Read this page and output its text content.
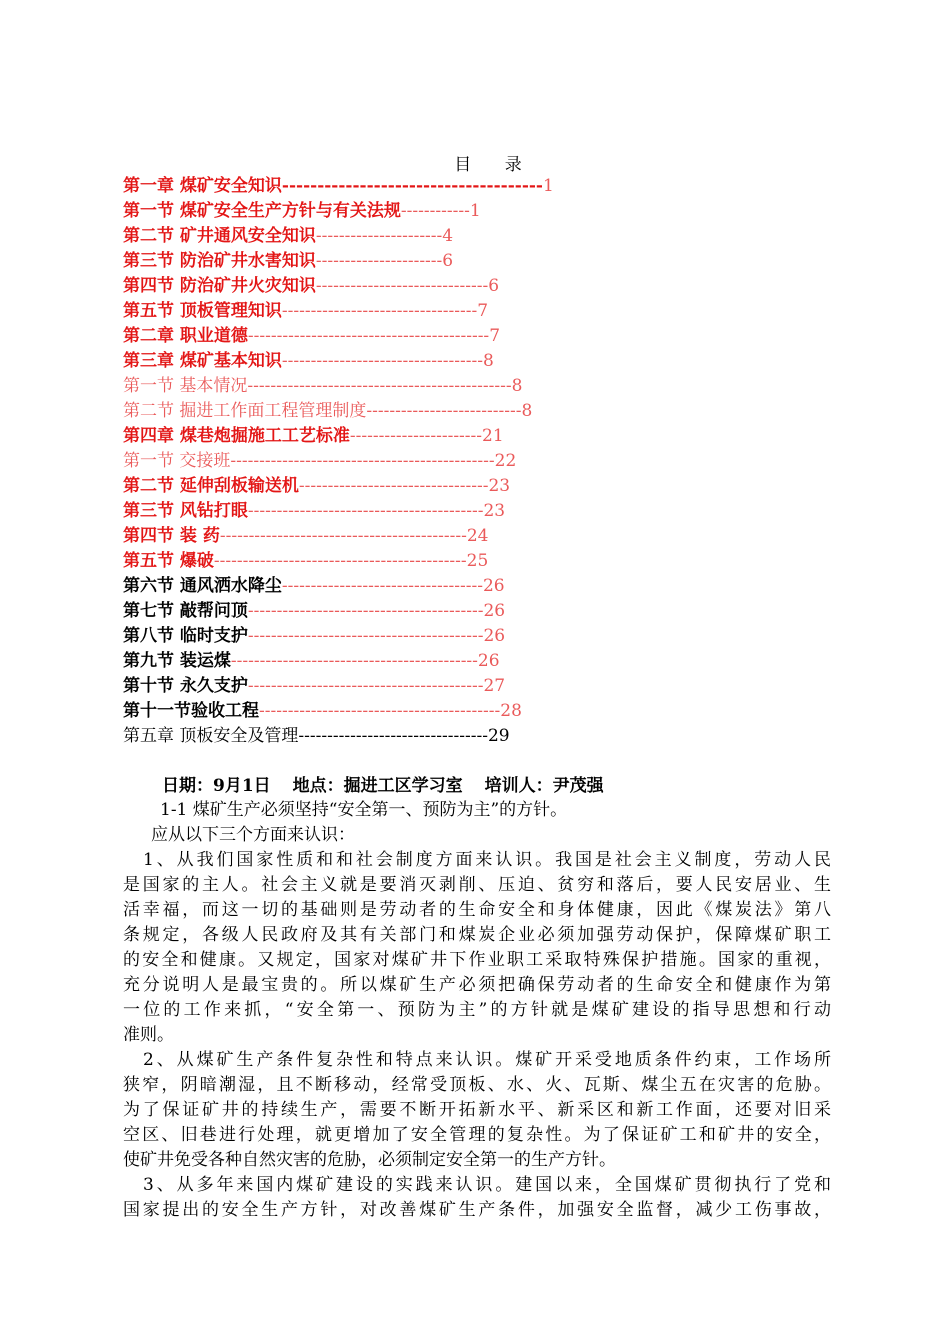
目 录
第一章 煤矿安全知识-------------------------------------1
第一节 煤矿安全生产方针与有关法规------------1
第二节 矿井通风安全知识----------------------4
第三节 防治矿井水害知识----------------------6
第四节 防治矿井火灾知识------------------------------6
第五节 顶板管理知识----------------------------------7
第二章 职业道德------------------------------------------7
第三章 煤矿基本知识-----------------------------------8
第一节 基本情况----------------------------------------------8
第二节 掘进工作面工程管理制度---------------------------8
第四章 煤巷炮掘施工工艺标准-----------------------21
第一节 交接班----------------------------------------------22
第二节 延伸刮板输送机---------------------------------23
第三节 风钻打眼-----------------------------------------23
第四节 装 药-------------------------------------------24
第五节 爆破--------------------------------------------25
第六节 通风洒水降尘-----------------------------------26
第七节 敲帮问顶-----------------------------------------26
第八节 临时支护-----------------------------------------26
第九节 装运煤-------------------------------------------26
第十节 永久支护-----------------------------------------27
第十一节验收工程------------------------------------------28
第五章 顶板安全及管理---------------------------------29
日期：9月1日 地点：掘进工区学习室 培训人：尹茂强
1-1 煤矿生产必须坚持“安全第一、预防为主”的方针。
应从以下三个方面来认识：
1、从我们国家性质和和社会制度方面来认识。我国是社会主义制度，劳动人民
是国家的主人。社会主义就是要消灭剥削、压迫、贫穷和落后，要人民安居业、生
活幸福，而这一切的基础则是劳动者的生命安全和身体健康，因此《煤炭法》第八
条规定，各级人民政府及其有关部门和煤炭企业必须加强劳动保护，保障煤矿职工
的安全和健康。又规定，国家对煤矿井下作业职工采取特殊保护措施。国家的重视，
充分说明人是最宝贵的。所以煤矿生产必须把确保劳动者的生命安全和健康作为第
一位的工作来抓，“安全第一、预防为主”的方针就是煤矿建设的指导思想和行动
准则。
2、从煤矿生产条件复杂性和特点来认识。煤矿开采受地质条件约束，工作场所
狭窄，阴暗潮湿，且不断移动，经常受顶板、水、火、瓦斯、煤尘五在灾害的危胁。
为了保证矿井的持续生产，需要不断开拓新水平、新采区和新工作面，还要对旧采
空区、旧巷进行处理，就更增加了安全管理的复杂性。为了保证矿工和矿井的安全，
使矿井免受各种自然灾害的危胁，必须制定安全第一的生产方针。
3、从多年来国内煤矿建设的实践来认识。建国以来，全国煤矿贯彻执行了党和
国家提出的安全生产方针，对改善煤矿生产条件，加强安全监督，减少工伤事故，
